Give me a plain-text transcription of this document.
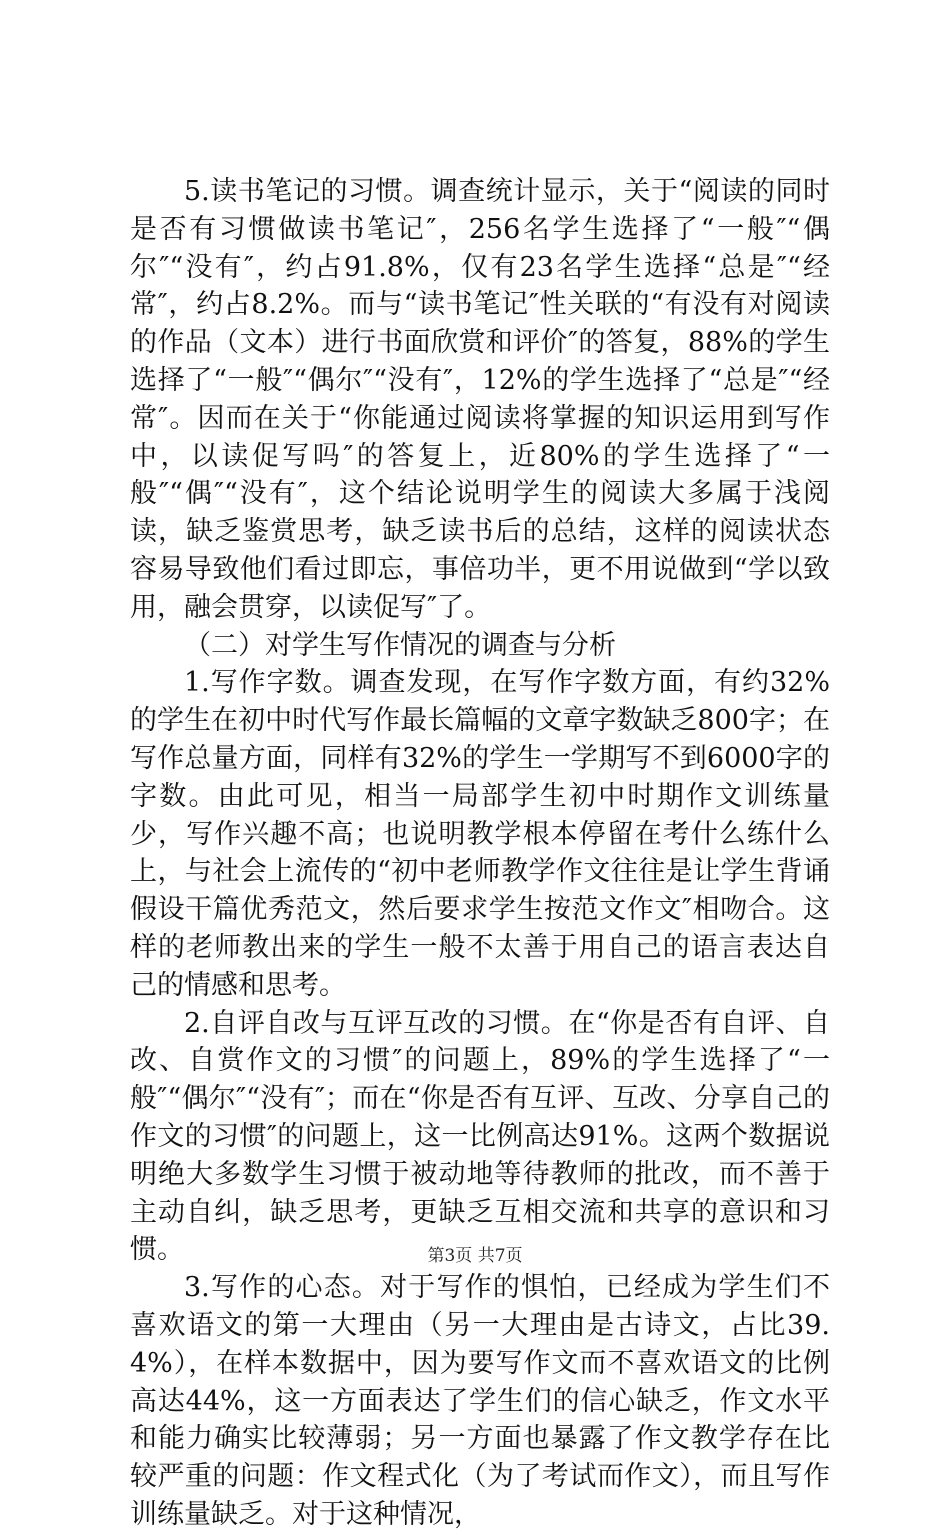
5.读书笔记的习惯。调查统计显示，关于“阅读的同时是否有习惯做读书笔记″，256名学生选择了“一般″“偶尔″“没有″，约占91.8%，仅有23名学生选择“总是″“经常″，约占8.2%。而与“读书笔记″性关联的“有没有对阅读的作品（文本）进行书面欣赏和评价″的答复，88%的学生选择了“一般″“偶尔″“没有″，12%的学生选择了“总是″“经常″。因而在关于“你能通过阅读将掌握的知识运用到写作中，以读促写吗″的答复上，近80%的学生选择了“一般″“偶″“没有″，这个结论说明学生的阅读大多属于浅阅读，缺乏鉴赏思考，缺乏读书后的总结，这样的阅读状态容易导致他们看过即忘，事倍功半，更不用说做到“学以致用，融会贯穿，以读促写″了。

（二）对学生写作情况的调查与分析

1.写作字数。调查发现，在写作字数方面，有约32%的学生在初中时代写作最长篇幅的文章字数缺乏800字；在写作总量方面，同样有32%的学生一学期写不到6000字的字数。由此可见，相当一局部学生初中时期作文训练量少，写作兴趣不高；也说明教学根本停留在考什么练什么上，与社会上流传的“初中老师教学作文往往是让学生背诵假设干篇优秀范文，然后要求学生按范文作文″相吻合。这样的老师教出来的学生一般不太善于用自己的语言表达自己的情感和思考。

2.自评自改与互评互改的习惯。在“你是否有自评、自改、自赏作文的习惯″的问题上，89%的学生选择了“一般″“偶尔″“没有″；而在“你是否有互评、互改、分享自己的作文的习惯″的问题上，这一比例高达91%。这两个数据说明绝大多数学生习惯于被动地等待教师的批改，而不善于主动自纠，缺乏思考，更缺乏互相交流和共享的意识和习惯。

3.写作的心态。对于写作的惧怕，已经成为学生们不喜欢语文的第一大理由（另一大理由是古诗文，占比39.4%），在样本数据中，因为要写作文而不喜欢语文的比例高达44%，这一方面表达了学生们的信心缺乏，作文水平和能力确实比较薄弱；另一方面也暴露了作文教学存在比较严重的问题：作文程式化（为了考试而作文），而且写作训练量缺乏。对于这种情况，

第3页 共7页
